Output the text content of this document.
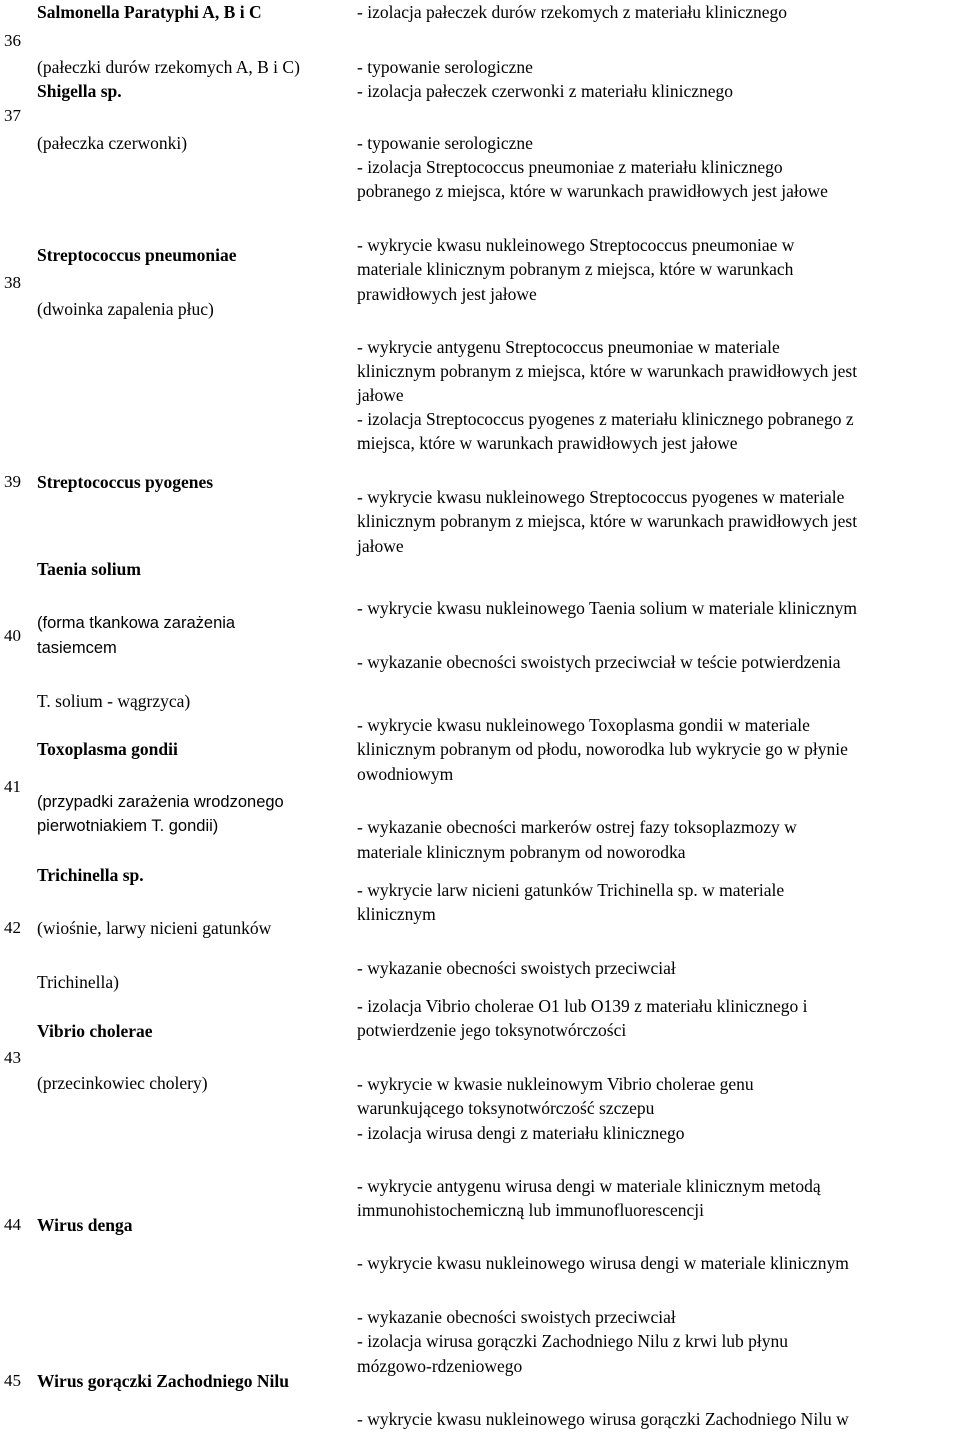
36
Salmonella Paratyphi A, B i C
(pałeczki durów rzekomych A, B i C)
- izolacja pałeczek durów rzekomych z materiału klinicznego
- typowanie serologiczne
37
Shigella sp.
(pałeczka czerwonki)
- izolacja pałeczek czerwonki z materiału klinicznego
- typowanie serologiczne
- izolacja Streptococcus pneumoniae z materiału klinicznego
pobranego z miejsca, które w warunkach prawidłowych jest jałowe
38
Streptococcus pneumoniae
(dwoinka zapalenia płuc)
- wykrycie kwasu nukleinowego Streptococcus pneumoniae w
materiale klinicznym pobranym z miejsca, które w warunkach
prawidłowych jest jałowe
- wykrycie antygenu Streptococcus pneumoniae w materiale
klinicznym pobranym z miejsca, które w warunkach prawidłowych jest
jałowe
- izolacja Streptococcus pyogenes z materiału klinicznego pobranego z
miejsca, które w warunkach prawidłowych jest jałowe
39 Streptococcus pyogenes
- wykrycie kwasu nukleinowego Streptococcus pyogenes w materiale
klinicznym pobranym z miejsca, które w warunkach prawidłowych jest
jałowe
40
Taenia solium
(forma tkankowa zarażenia
tasiemcem
T. solium - wągrzyca)
- wykrycie kwasu nukleinowego Taenia solium w materiale klinicznym
- wykazanie obecności swoistych przeciwciał w teście potwierdzenia
41
Toxoplasma gondii
(przypadki zarażenia wrodzonego
pierwotniakiem T. gondii)
- wykrycie kwasu nukleinowego Toxoplasma gondii w materiale
klinicznym pobranym od płodu, noworodka lub wykrycie go w płynie
owodniowym
- wykazanie obecności markerów ostrej fazy toksoplazmozy w
materiale klinicznym pobranym od noworodka
42
Trichinella sp.
(wiośnie, larwy nicieni gatunków
Trichinella)
- wykrycie larw nicieni gatunków Trichinella sp. w materiale
klinicznym
- wykazanie obecności swoistych przeciwciał
43
Vibrio cholerae
(przecinkowiec cholery)
- izolacja Vibrio cholerae O1 lub O139 z materiału klinicznego i
potwierdzenie jego toksynotwórczości
- wykrycie w kwasie nukleinowym Vibrio cholerae genu
warunkującego toksynotwórczość szczepu
- izolacja wirusa dengi z materiału klinicznego
44 Wirus denga
- wykrycie antygenu wirusa dengi w materiale klinicznym metodą
immunohistochemiczną lub immunofluorescencji
- wykrycie kwasu nukleinowego wirusa dengi w materiale klinicznym
- wykazanie obecności swoistych przeciwciał
- izolacja wirusa gorączki Zachodniego Nilu z krwi lub płynu
mózgowo-rdzeniowego
45 Wirus gorączki Zachodniego Nilu
- wykrycie kwasu nukleinowego wirusa gorączki Zachodniego Nilu w
